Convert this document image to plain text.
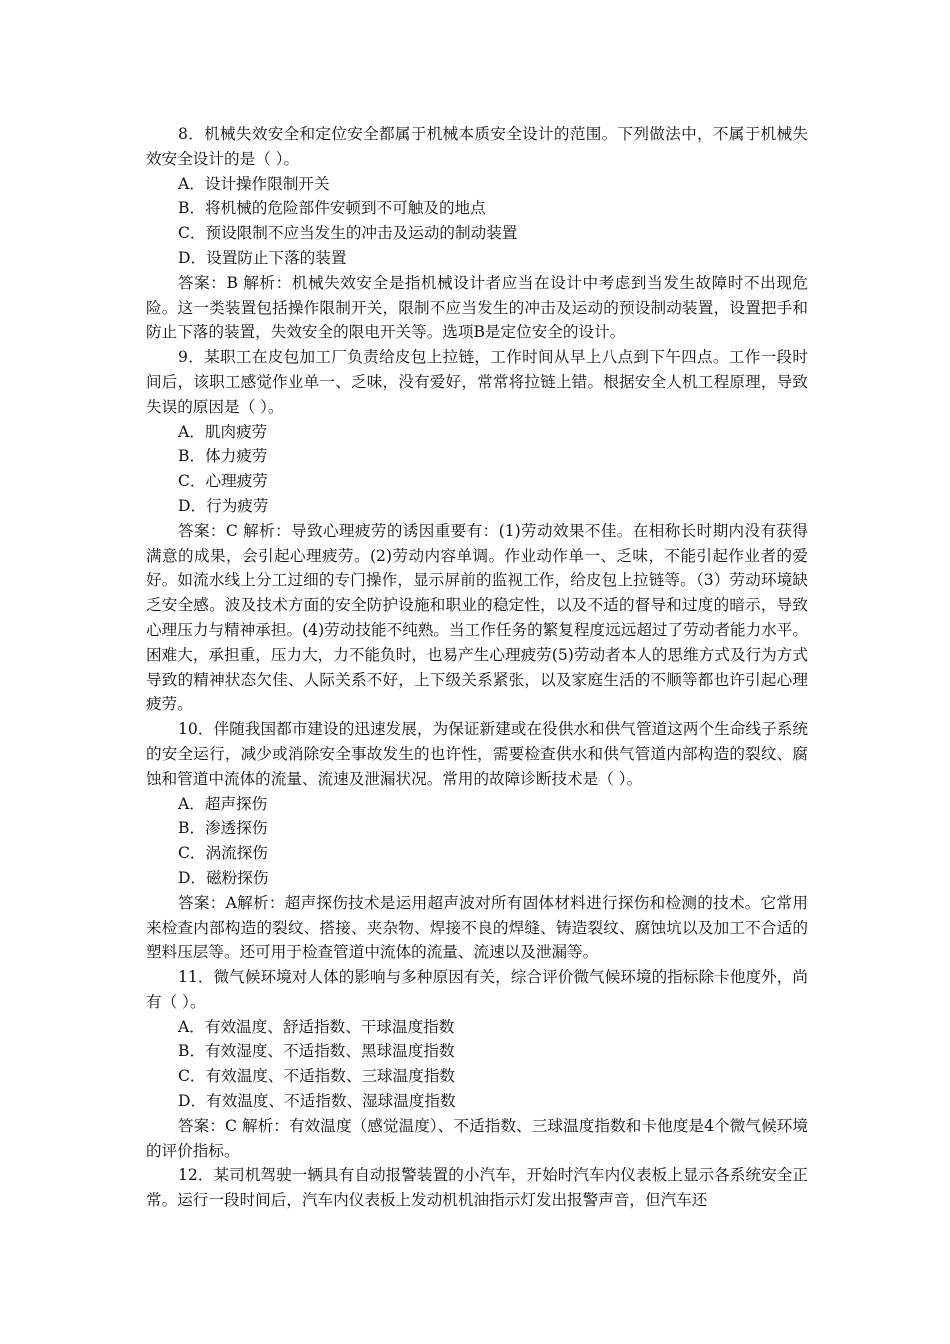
8．机械失效安全和定位安全都属于机械本质安全设计的范围。下列做法中，不属于机械失效安全设计的是（ ）。

A．设计操作限制开关

B．将机械的危险部件安顿到不可触及的地点

C．预设限制不应当发生的冲击及运动的制动装置

D．设置防止下落的装置

答案：B 解析：机械失效安全是指机械设计者应当在设计中考虑到当发生故障时不出现危险。这一类装置包括操作限制开关，限制不应当发生的冲击及运动的预设制动装置，设置把手和防止下落的装置，失效安全的限电开关等。选项B是定位安全的设计。

9．某职工在皮包加工厂负责给皮包上拉链，工作时间从早上八点到下午四点。工作一段时间后，该职工感觉作业单一、乏味，没有爱好，常常将拉链上错。根据安全人机工程原理，导致失误的原因是（ ）。

A．肌肉疲劳

B．体力疲劳

C．心理疲劳

D．行为疲劳

答案：C 解析：导致心理疲劳的诱因重要有：(1)劳动效果不佳。在相称长时期内没有获得满意的成果，会引起心理疲劳。(2)劳动内容单调。作业动作单一、乏味，不能引起作业者的爱好。如流水线上分工过细的专门操作，显示屏前的监视工作，给皮包上拉链等。（3）劳动环境缺乏安全感。波及技术方面的安全防护设施和职业的稳定性，以及不适的督导和过度的暗示，导致心理压力与精神承担。(4)劳动技能不纯熟。当工作任务的繁复程度远远超过了劳动者能力水平。困难大，承担重，压力大，力不能负时，也易产生心理疲劳(5)劳动者本人的思维方式及行为方式导致的精神状态欠佳、人际关系不好，上下级关系紧张，以及家庭生活的不顺等都也许引起心理疲劳。

10．伴随我国都市建设的迅速发展，为保证新建或在役供水和供气管道这两个生命线子系统的安全运行，减少或消除安全事故发生的也许性，需要检查供水和供气管道内部构造的裂纹、腐蚀和管道中流体的流量、流速及泄漏状况。常用的故障诊断技术是（ ）。

A．超声探伤

B．渗透探伤

C．涡流探伤

D．磁粉探伤

答案：A解析：超声探伤技术是运用超声波对所有固体材料进行探伤和检测的技术。它常用来检查内部构造的裂纹、搭接、夹杂物、焊接不良的焊缝、铸造裂纹、腐蚀坑以及加工不合适的塑料压层等。还可用于检查管道中流体的流量、流速以及泄漏等。

11．微气候环境对人体的影响与多种原因有关，综合评价微气候环境的指标除卡他度外，尚有（ ）。

A．有效温度、舒适指数、干球温度指数

B．有效湿度、不适指数、黑球温度指数

C．有效温度、不适指数、三球温度指数

D．有效温度、不适指数、湿球温度指数

答案：C 解析：有效温度（感觉温度）、不适指数、三球温度指数和卡他度是4个微气候环境的评价指标。

12．某司机驾驶一辆具有自动报警装置的小汽车，开始时汽车内仪表板上显示各系统安全正常。运行一段时间后，汽车内仪表板上发动机机油指示灯发出报警声音，但汽车还
